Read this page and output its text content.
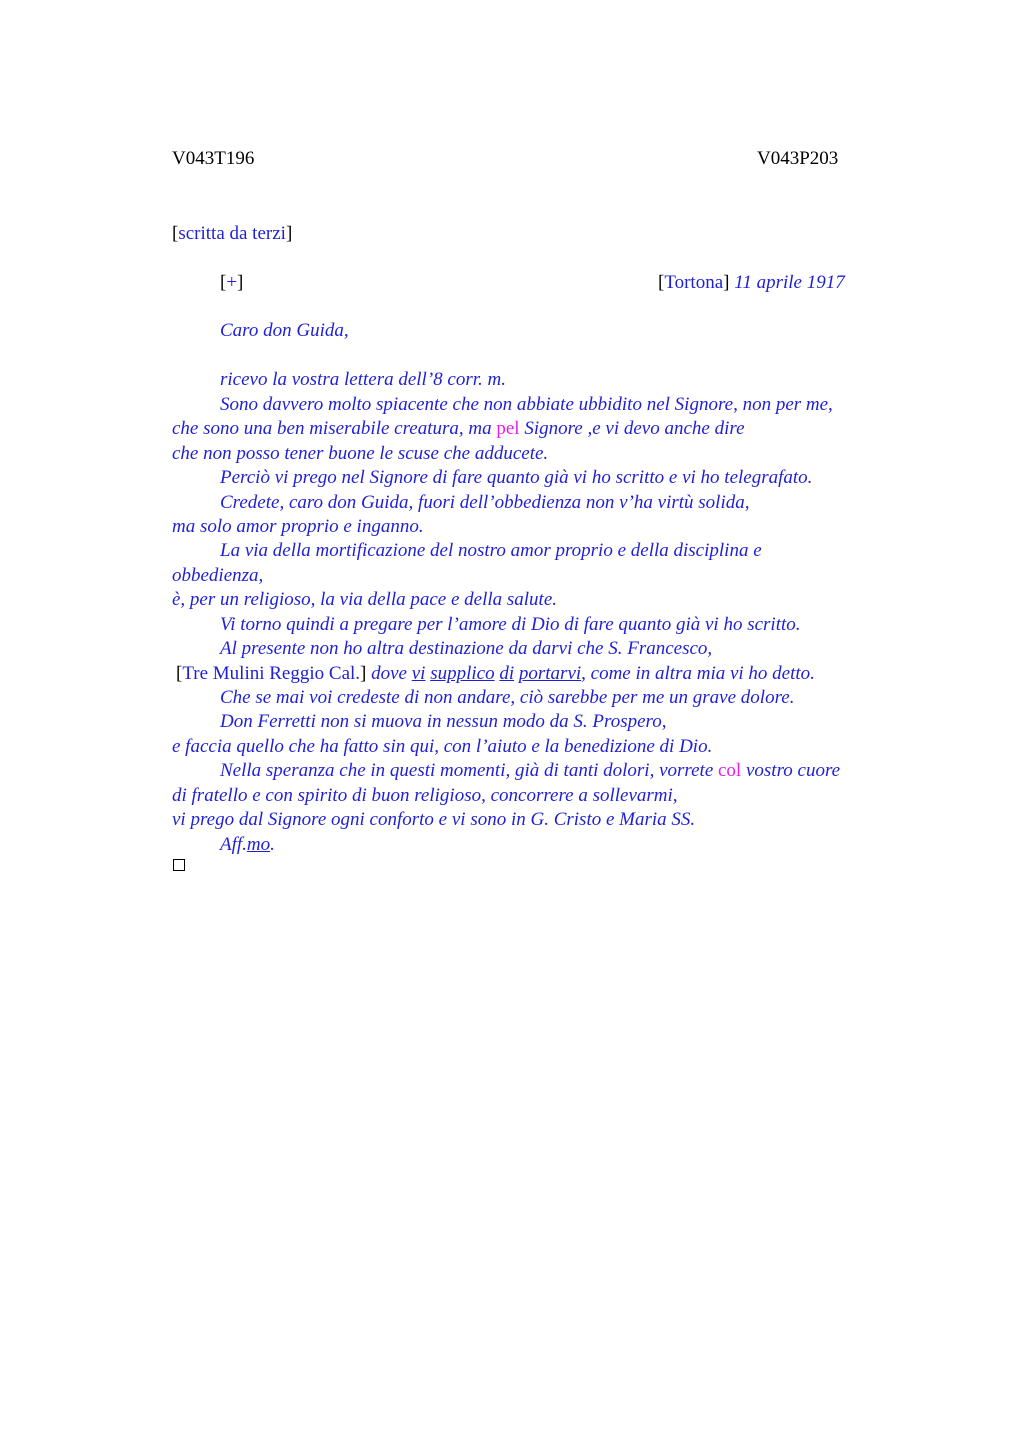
V043T196	V043P203
[scritta da terzi]
[+]	[Tortona] 11 aprile 1917
Caro don Guida,
ricevo la vostra lettera dell’8 corr. m.
Sono davvero molto spiacente che non abbiate ubbidito nel Signore, non per me,
che sono una ben miserabile creatura, ma pel Signore ,e vi devo anche dire
che non posso tener buone le scuse che adducete.
Perciò vi prego nel Signore di fare quanto già vi ho scritto e vi ho telegrafato.
Credete, caro don Guida, fuori dell’obbedienza non v’ha virtù solida,
ma solo amor proprio e inganno.
La via della mortificazione del nostro amor proprio e della disciplina e
obbedienza,
è, per un religioso, la via della pace e della salute.
Vi torno quindi a pregare per l’amore di Dio di fare quanto già vi ho scritto.
Al presente non ho altra destinazione da darvi che S. Francesco,
[Tre Mulini Reggio Cal.] dove vi supplico di portarvi, come in altra mia vi ho detto.
Che se mai voi credeste di non andare, ciò sarebbe per me un grave dolore.
Don Ferretti non si muova in nessun modo da S. Prospero,
e faccia quello che ha fatto sin qui, con l’aiuto e la benedizione di Dio.
Nella speranza che in questi momenti, già di tanti dolori, vorrete col vostro cuore
di fratello e con spirito di buon religioso, concorrere a sollevarmi,
vi prego dal Signore ogni conforto e vi sono in G. Cristo e Maria SS.
Aff.mo.
